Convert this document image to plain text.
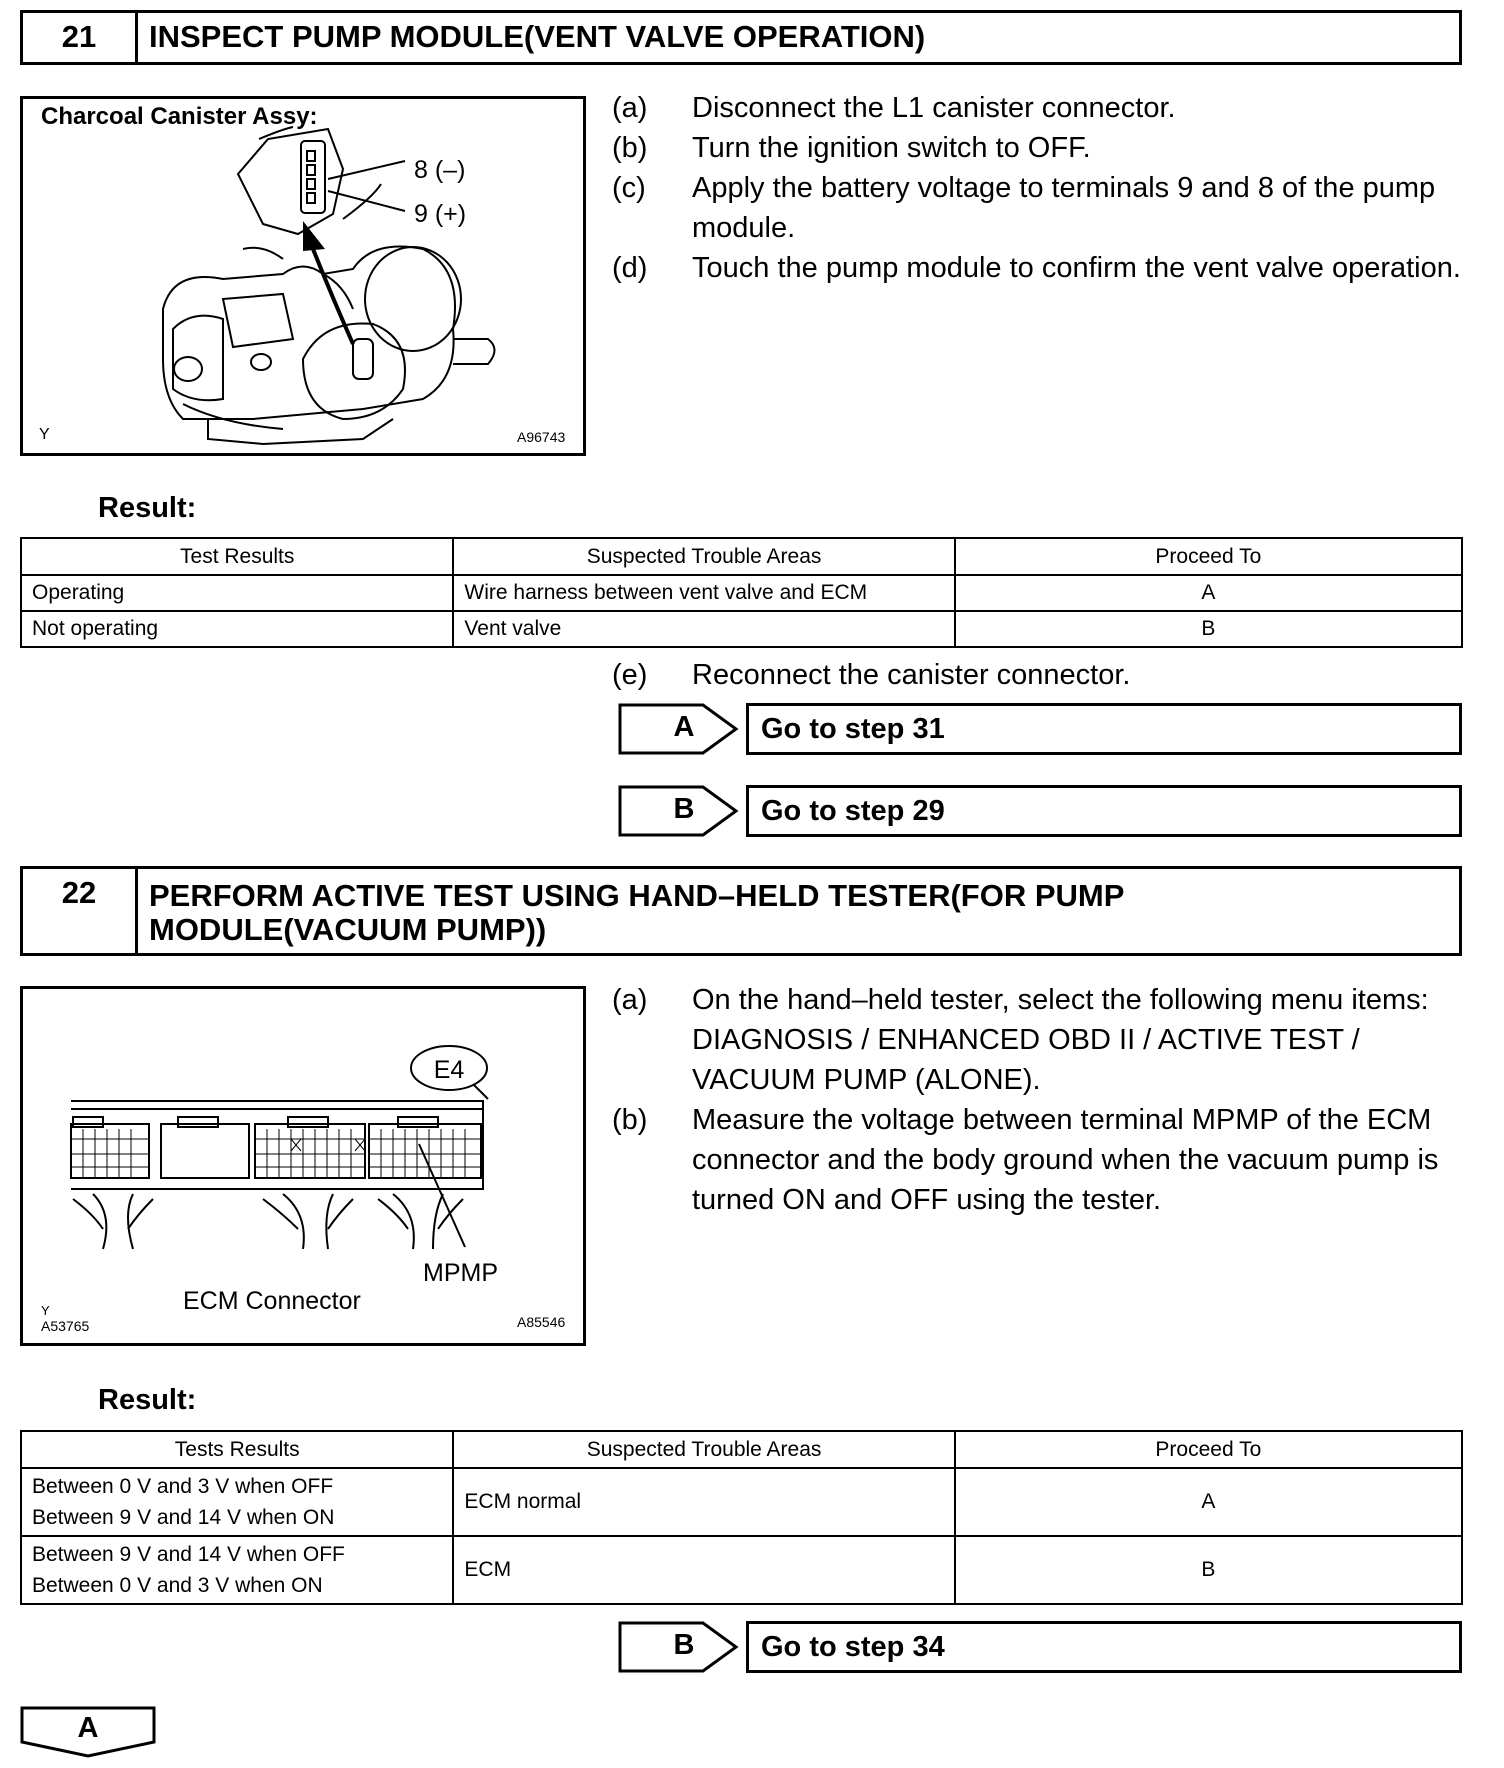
21	INSPECT PUMP MODULE(VENT VALVE OPERATION)
Charcoal Canister Assy:
8 (–)
9 (+)
Y	A96743
(a) Disconnect the L1 canister connector.
(b) Turn the ignition switch to OFF.
(c) Apply the battery voltage to terminals 9 and 8 of the pump module.
(d) Touch the pump module to confirm the vent valve operation.
Result:
Test Results	Suspected Trouble Areas	Proceed To
Operating	Wire harness between vent valve and ECM	A
Not operating	Vent valve	B
(e) Reconnect the canister connector.
A	Go to step 31
B	Go to step 29
22	PERFORM ACTIVE TEST USING HAND–HELD TESTER(FOR PUMP
MODULE(VACUUM PUMP))
E4
MPMP
ECM Connector
Y
A53765	A85546
(a) On the hand–held tester, select the following menu items: DIAGNOSIS / ENHANCED OBD II / ACTIVE TEST / VACUUM PUMP (ALONE).
(b) Measure the voltage between terminal MPMP of the ECM connector and the body ground when the vacuum pump is turned ON and OFF using the tester.
Result:
Tests Results	Suspected Trouble Areas	Proceed To

Between 0 V and 3 V when OFF
Between 9 V and 14 V when ON	ECM normal	A

Between 9 V and 14 V when OFF
Between 0 V and 3 V when ON	ECM	B
B	Go to step 34
A
